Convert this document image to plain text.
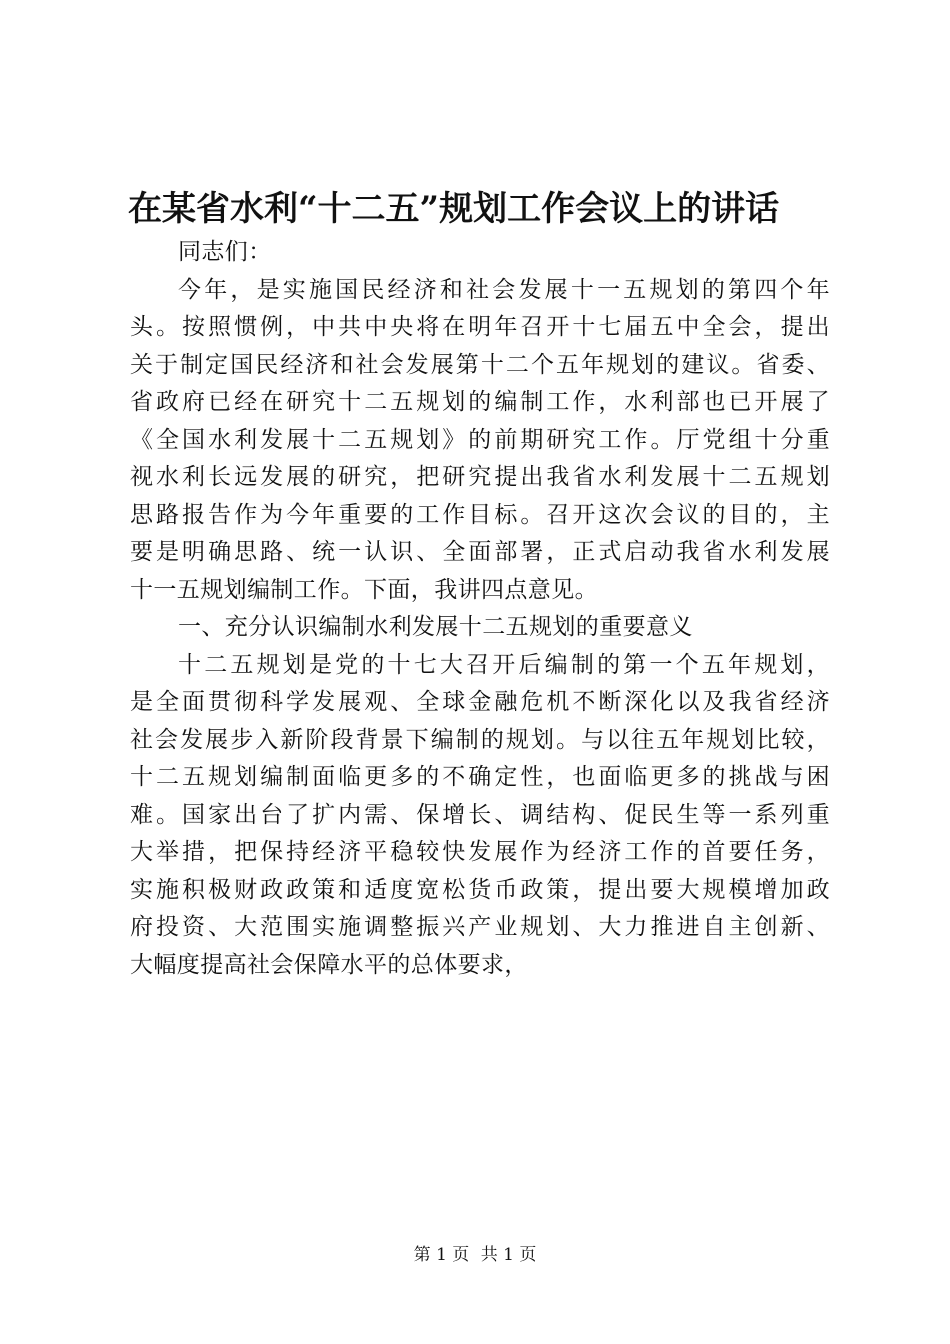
在某省水利“十二五”规划工作会议上的讲话
同志们：
今年，是实施国民经济和社会发展十一五规划的第四个年
头。按照惯例，中共中央将在明年召开十七届五中全会，提出
关于制定国民经济和社会发展第十二个五年规划的建议。省委、
省政府已经在研究十二五规划的编制工作，水利部也已开展了
《全国水利发展十二五规划》的前期研究工作。厅党组十分重
视水利长远发展的研究，把研究提出我省水利发展十二五规划
思路报告作为今年重要的工作目标。召开这次会议的目的，主
要是明确思路、统一认识、全面部署，正式启动我省水利发展
十一五规划编制工作。下面，我讲四点意见。
一、充分认识编制水利发展十二五规划的重要意义
十二五规划是党的十七大召开后编制的第一个五年规划，
是全面贯彻科学发展观、全球金融危机不断深化以及我省经济
社会发展步入新阶段背景下编制的规划。与以往五年规划比较，
十二五规划编制面临更多的不确定性，也面临更多的挑战与困
难。国家出台了扩内需、保增长、调结构、促民生等一系列重
大举措，把保持经济平稳较快发展作为经济工作的首要任务，
实施积极财政政策和适度宽松货币政策，提出要大规模增加政
府投资、大范围实施调整振兴产业规划、大力推进自主创新、
大幅度提高社会保障水平的总体要求，
第 1 页 共 1 页
